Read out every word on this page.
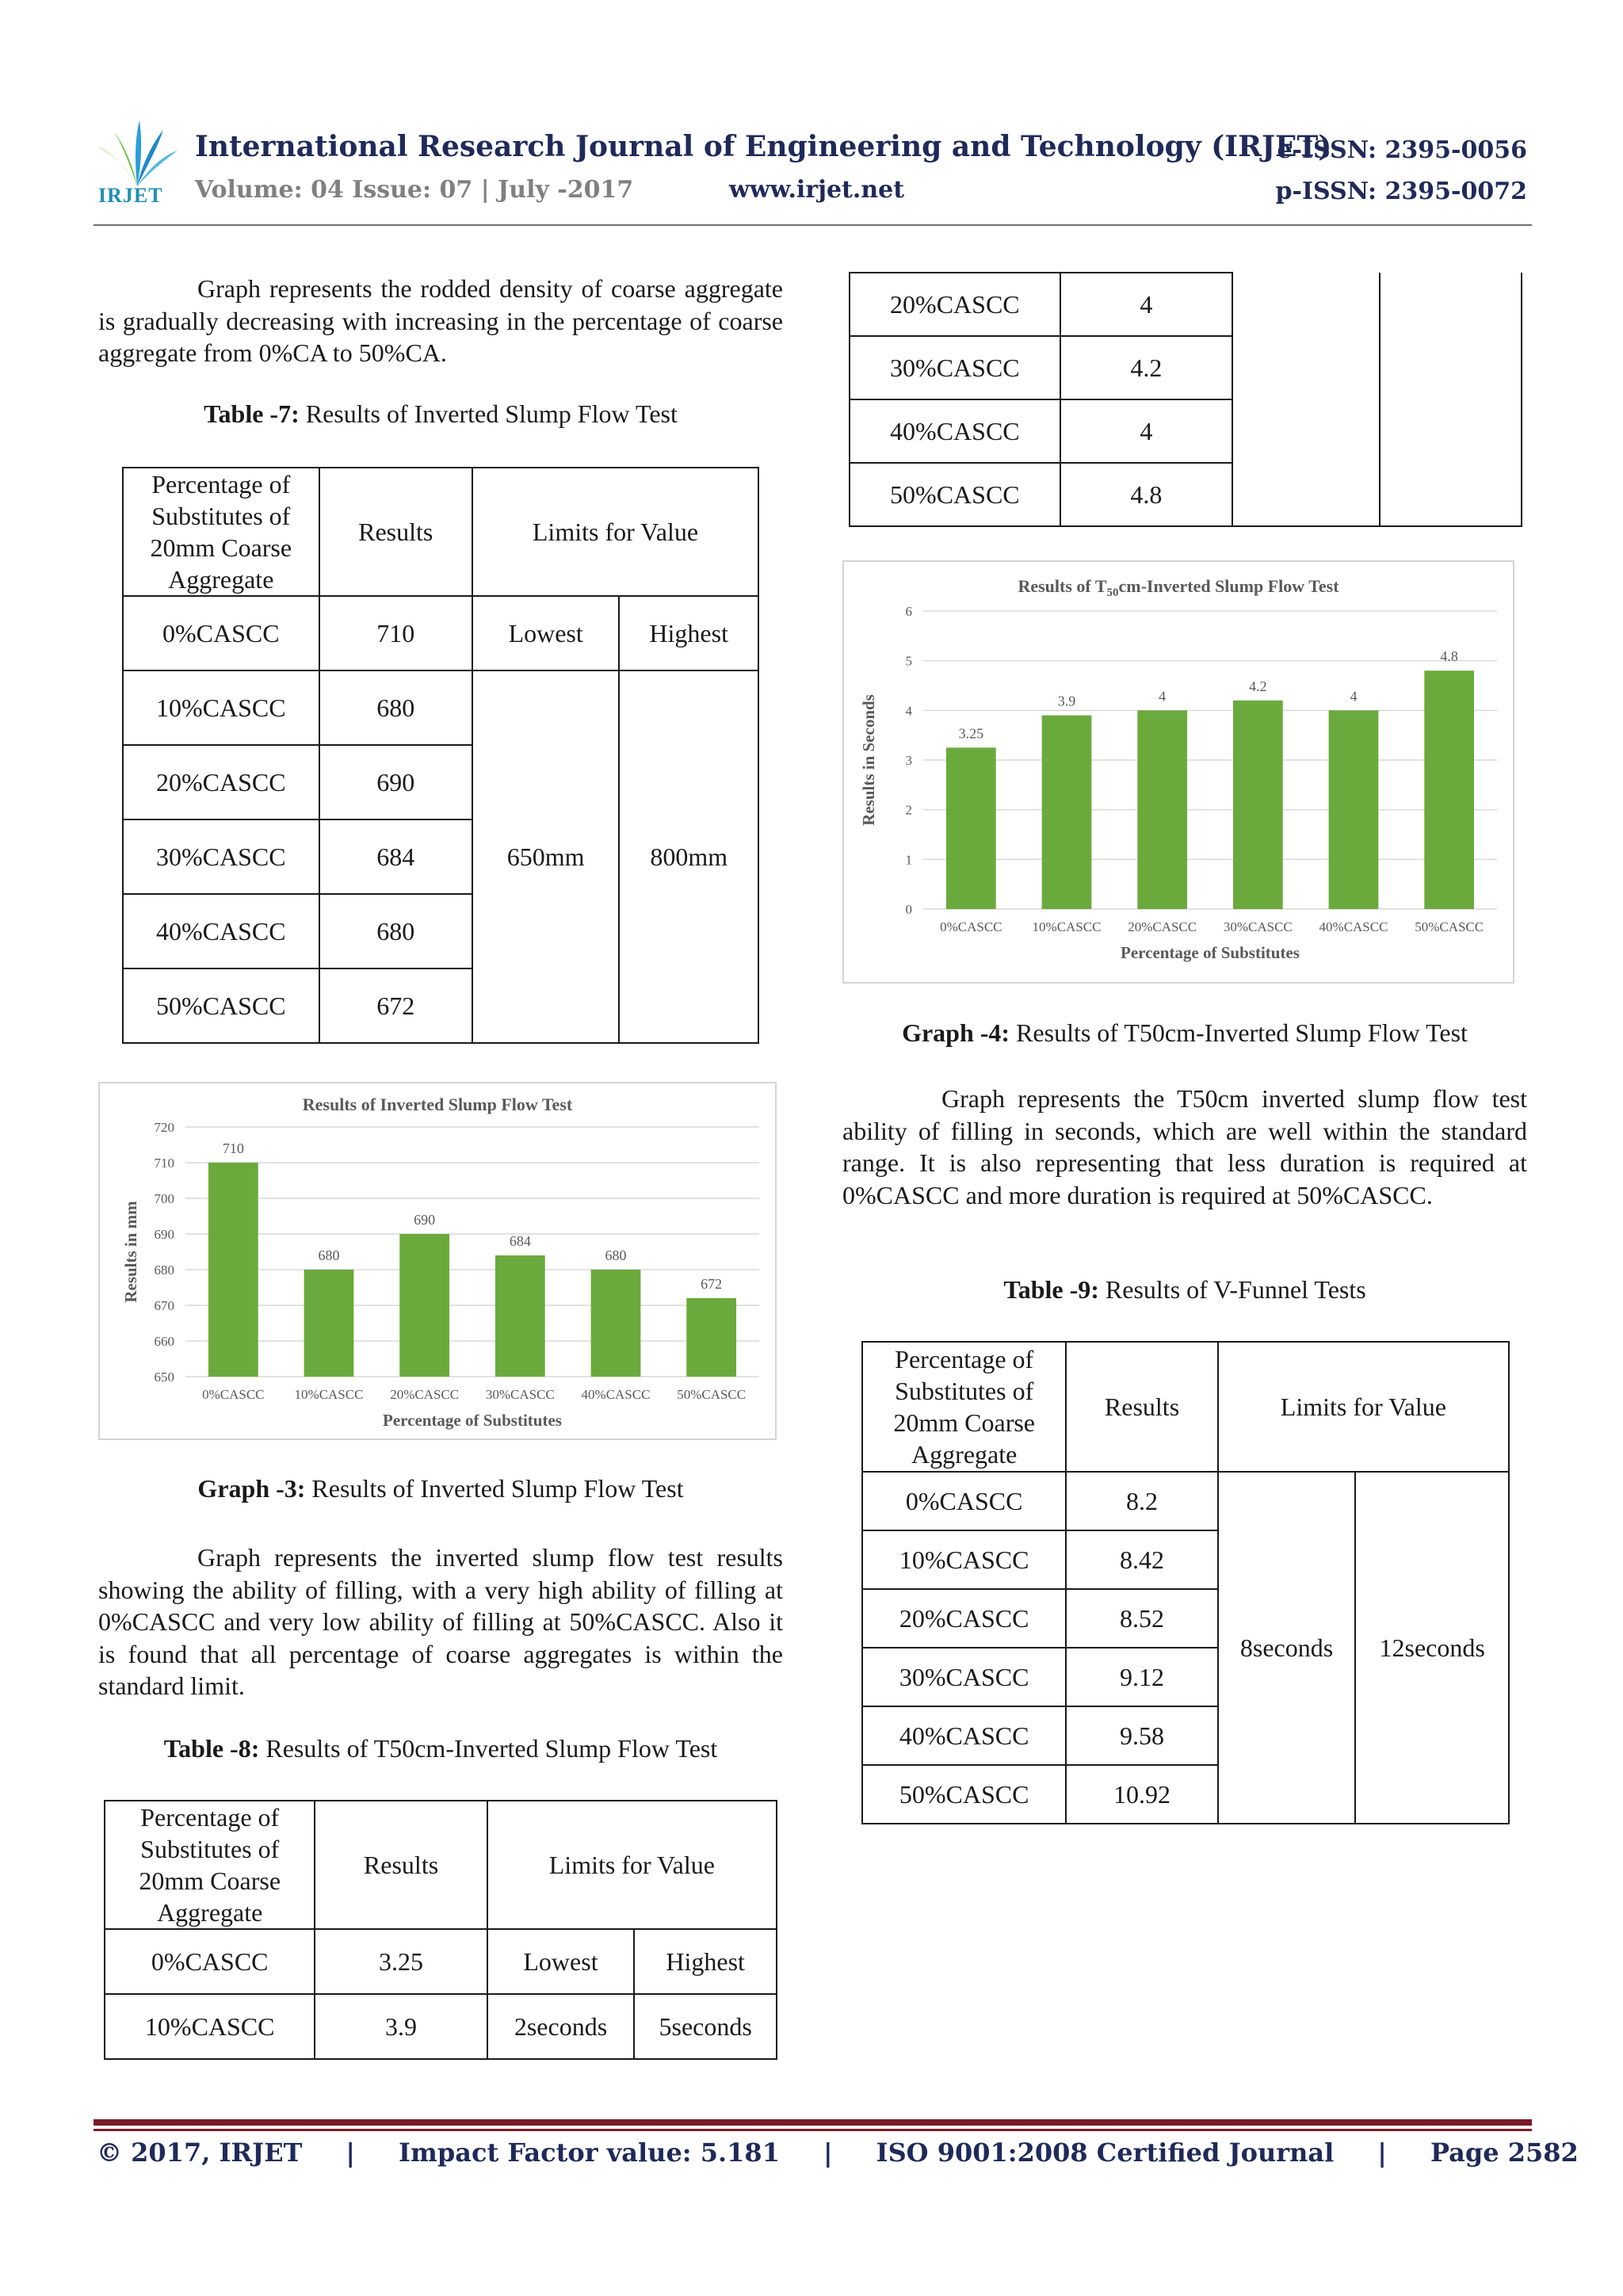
IRJET
International Research Journal of Engineering and Technology (IRJET)
e-ISSN: 2395-0056
Volume: 04 Issue: 07 | July -2017	www.irjet.net	p-ISSN: 2395-0072
Graph represents the rodded density of coarse aggregate is gradually decreasing with increasing in the percentage of coarse aggregate from 0%CA to 50%CA.
Table -7: Results of Inverted Slump Flow Test
Percentage of Substitutes of 20mm Coarse Aggregate	Results	Limits for Value	

0%CASCC	710	Lowest	Highest
10%CASCC	680	650mm	800mm
20%CASCC	690		
30%CASCC	684		
40%CASCC	680		
50%CASCC	672		
Results of Inverted Slump Flow Test
650
660
670
680
690
700
710
720
710
0%CASCC
680
10%CASCC
690
20%CASCC
684
30%CASCC
680
40%CASCC
672
50%CASCC
Percentage of Substitutes
Results in mm
Graph -3: Results of Inverted Slump Flow Test
Graph represents the inverted slump flow test results showing the ability of filling, with a very high ability of filling at 0%CASCC and very low ability of filling at 50%CASCC. Also it is found that all percentage of coarse aggregates is within the standard limit.
Table -8: Results of T50cm-Inverted Slump Flow Test
Percentage of Substitutes of 20mm Coarse Aggregate	Results	Limits for Value	

0%CASCC	3.25	Lowest	Highest
10%CASCC	3.9	2seconds	5seconds
20%CASCC	4		
30%CASCC	4.2		
40%CASCC	4		
50%CASCC	4.8		
Results of $T_{50}cm$-Inverted Slump Flow Test
0
1
2
3
4
5
6
3.25
0%CASCC
3.9
10%CASCC
4
20%CASCC
4.2
30%CASCC
4
40%CASCC
4.8
50%CASCC
Percentage of Substitutes
Results in Seconds
Graph -4: Results of T50cm-Inverted Slump Flow Test
Graph represents the T50cm inverted slump flow test ability of filling in seconds, which are well within the standard range. It is also representing that less duration is required at 0%CASCC and more duration is required at 50%CASCC.
Table -9: Results of V-Funnel Tests
Percentage of Substitutes of 20mm Coarse Aggregate	Results	Limits for Value	
0%CASCC	8.2	8seconds	12seconds
10%CASCC	8.42		
20%CASCC	8.52		
30%CASCC	9.12		
40%CASCC	9.58		
50%CASCC	10.92		
© 2017, IRJET | Impact Factor value: 5.181 | ISO 9001:2008 Certified Journal | Page 2582
